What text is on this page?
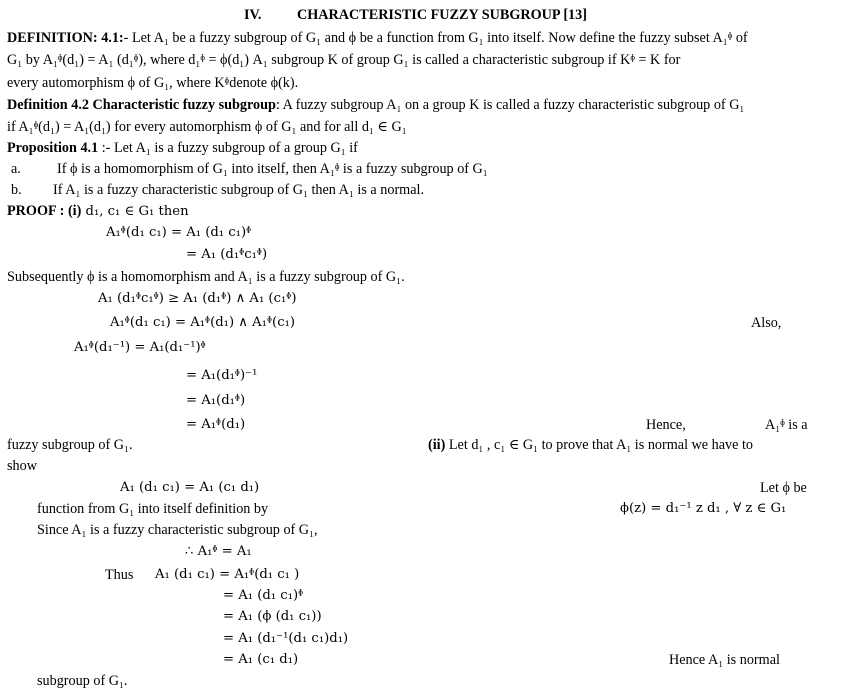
IV.	CHARACTERISTIC FUZZY SUBGROUP [13]
DEFINITION: 4.1:- Let A₁ be a fuzzy subgroup of G₁ and ϕ be a function from G₁ into itself. Now define the fuzzy subset A₁ᶲ of
G₁ by A₁ᶲ(d₁) = A₁ (d₁ᶲ), where d₁ᶲ = ϕ(d₁) A₁ subgroup K of group G₁ is called a characteristic subgroup if Kᶲ = K for
every automorphism ϕ of G₁, where Kᶲdenote ϕ(k).
Definition 4.2 Characteristic fuzzy subgroup: A fuzzy subgroup A₁ on a group K is called a fuzzy characteristic subgroup of G₁
if A₁ᶲ(d₁) = A₁(d₁) for every automorphism ϕ of G₁ and for all d₁ ∈ G₁
Proposition 4.1 :- Let A₁ is a fuzzy subgroup of a group G₁ if
a.	If ϕ is a homomorphism of G₁ into itself, then A₁ᶲ is a fuzzy subgroup of G₁
b. If A₁ is a fuzzy characteristic subgroup of G₁ then A₁ is a normal.
PROOF : (i) d₁, c₁ ∈ G₁ then
A₁ᶲ(d₁ c₁) = A₁ (d₁ c₁)ᶲ
= A₁ (d₁ᶲc₁ᶲ)
Subsequently ϕ is a homomorphism and A₁ is a fuzzy subgroup of G₁.
A₁ (d₁ᶲc₁ᶲ) ≥ A₁ (d₁ᶲ) ∧ A₁ (c₁ᶲ)
A₁ᶲ(d₁ c₁) = A₁ᶲ(d₁) ∧ A₁ᶲ(c₁)	Also,
A₁ᶲ(d₁⁻¹) = A₁(d₁⁻¹)ᶲ
= A₁(d₁ᶲ)⁻¹
= A₁(d₁ᶲ)
= A₁ᶲ(d₁)	Hence,	A₁ᶲ is a
fuzzy subgroup of G₁.	(ii) Let d₁ , c₁ ∈ G₁ to prove that A₁ is normal we have to
show
A₁ (d₁ c₁) = A₁ (c₁ d₁)	Let ϕ be
function from G₁ into itself definition by	ϕ(z) = d₁⁻¹ z d₁ , ∀ z ∈ G₁
Since A₁ is a fuzzy characteristic subgroup of G₁,
∴ A₁ᶲ = A₁
Thus A₁ (d₁ c₁) = A₁ᶲ(d₁ c₁ )
= A₁ (d₁ c₁)ᶲ
= A₁ (ϕ (d₁ c₁))
= A₁ (d₁⁻¹(d₁ c₁)d₁)
= A₁ (c₁ d₁)	Hence A₁ is normal
subgroup of G₁.
